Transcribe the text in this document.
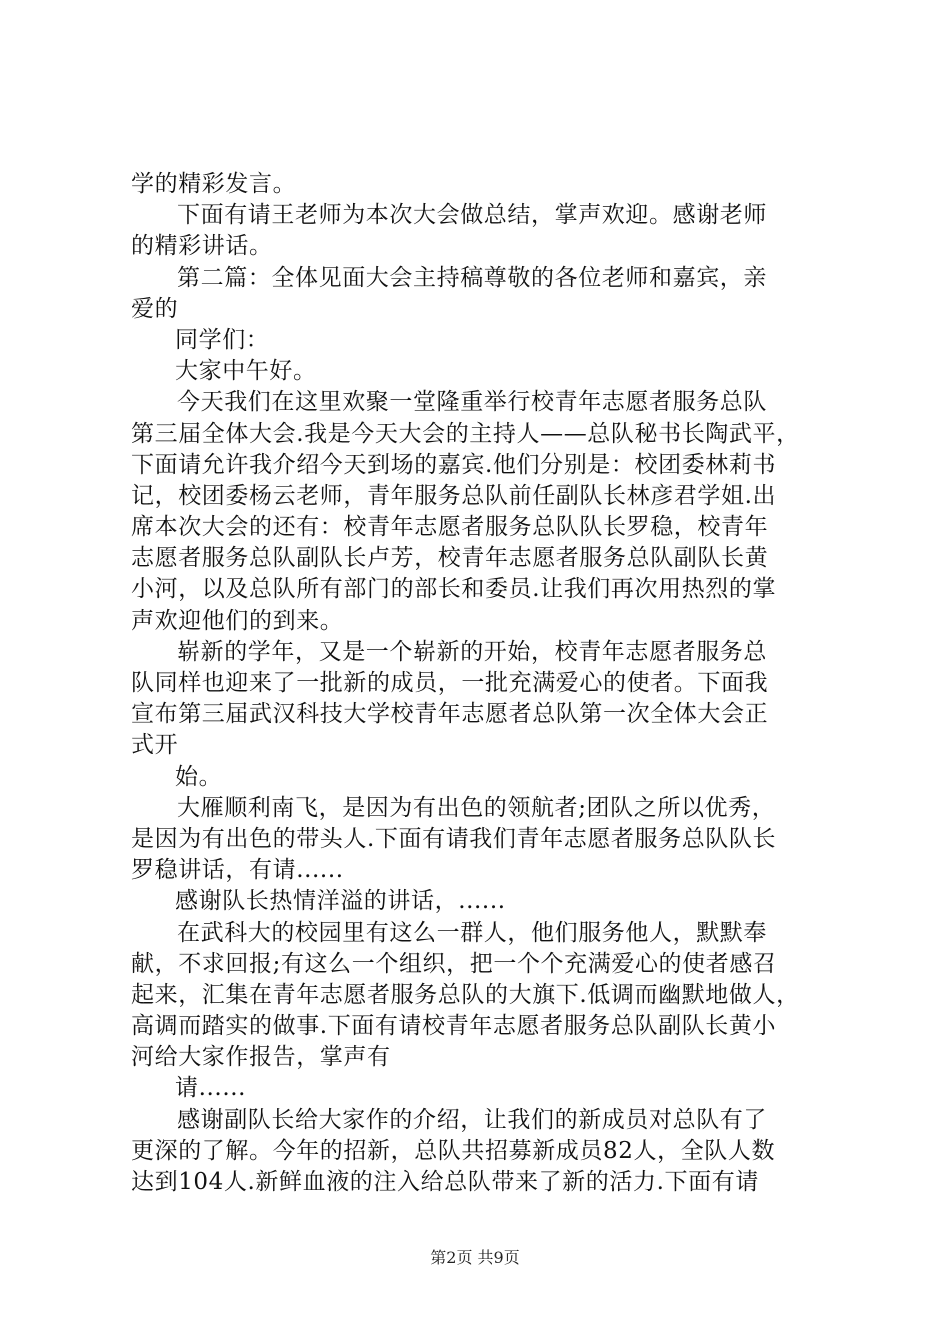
学的精彩发言。
下面有请王老师为本次大会做总结，掌声欢迎。感谢老师
的精彩讲话。
第二篇：全体见面大会主持稿尊敬的各位老师和嘉宾，亲
爱的
同学们：
大家中午好。
今天我们在这里欢聚一堂隆重举行校青年志愿者服务总队
第三届全体大会.我是今天大会的主持人——总队秘书长陶武平，
下面请允许我介绍今天到场的嘉宾.他们分别是：校团委林莉书
记，校团委杨云老师，青年服务总队前任副队长林彦君学姐.出
席本次大会的还有：校青年志愿者服务总队队长罗稳，校青年
志愿者服务总队副队长卢芳，校青年志愿者服务总队副队长黄
小河，以及总队所有部门的部长和委员.让我们再次用热烈的掌
声欢迎他们的到来。
崭新的学年，又是一个崭新的开始，校青年志愿者服务总
队同样也迎来了一批新的成员，一批充满爱心的使者。下面我
宣布第三届武汉科技大学校青年志愿者总队第一次全体大会正
式开
始。
大雁顺利南飞，是因为有出色的领航者;团队之所以优秀，
是因为有出色的带头人.下面有请我们青年志愿者服务总队队长
罗稳讲话，有请......
感谢队长热情洋溢的讲话，......
在武科大的校园里有这么一群人，他们服务他人，默默奉
献，不求回报;有这么一个组织，把一个个充满爱心的使者感召
起来，汇集在青年志愿者服务总队的大旗下.低调而幽默地做人，
高调而踏实的做事.下面有请校青年志愿者服务总队副队长黄小
河给大家作报告，掌声有
请......
感谢副队长给大家作的介绍，让我们的新成员对总队有了
更深的了解。今年的招新，总队共招募新成员82人，全队人数
达到104人.新鲜血液的注入给总队带来了新的活力.下面有请
第2页 共9页
